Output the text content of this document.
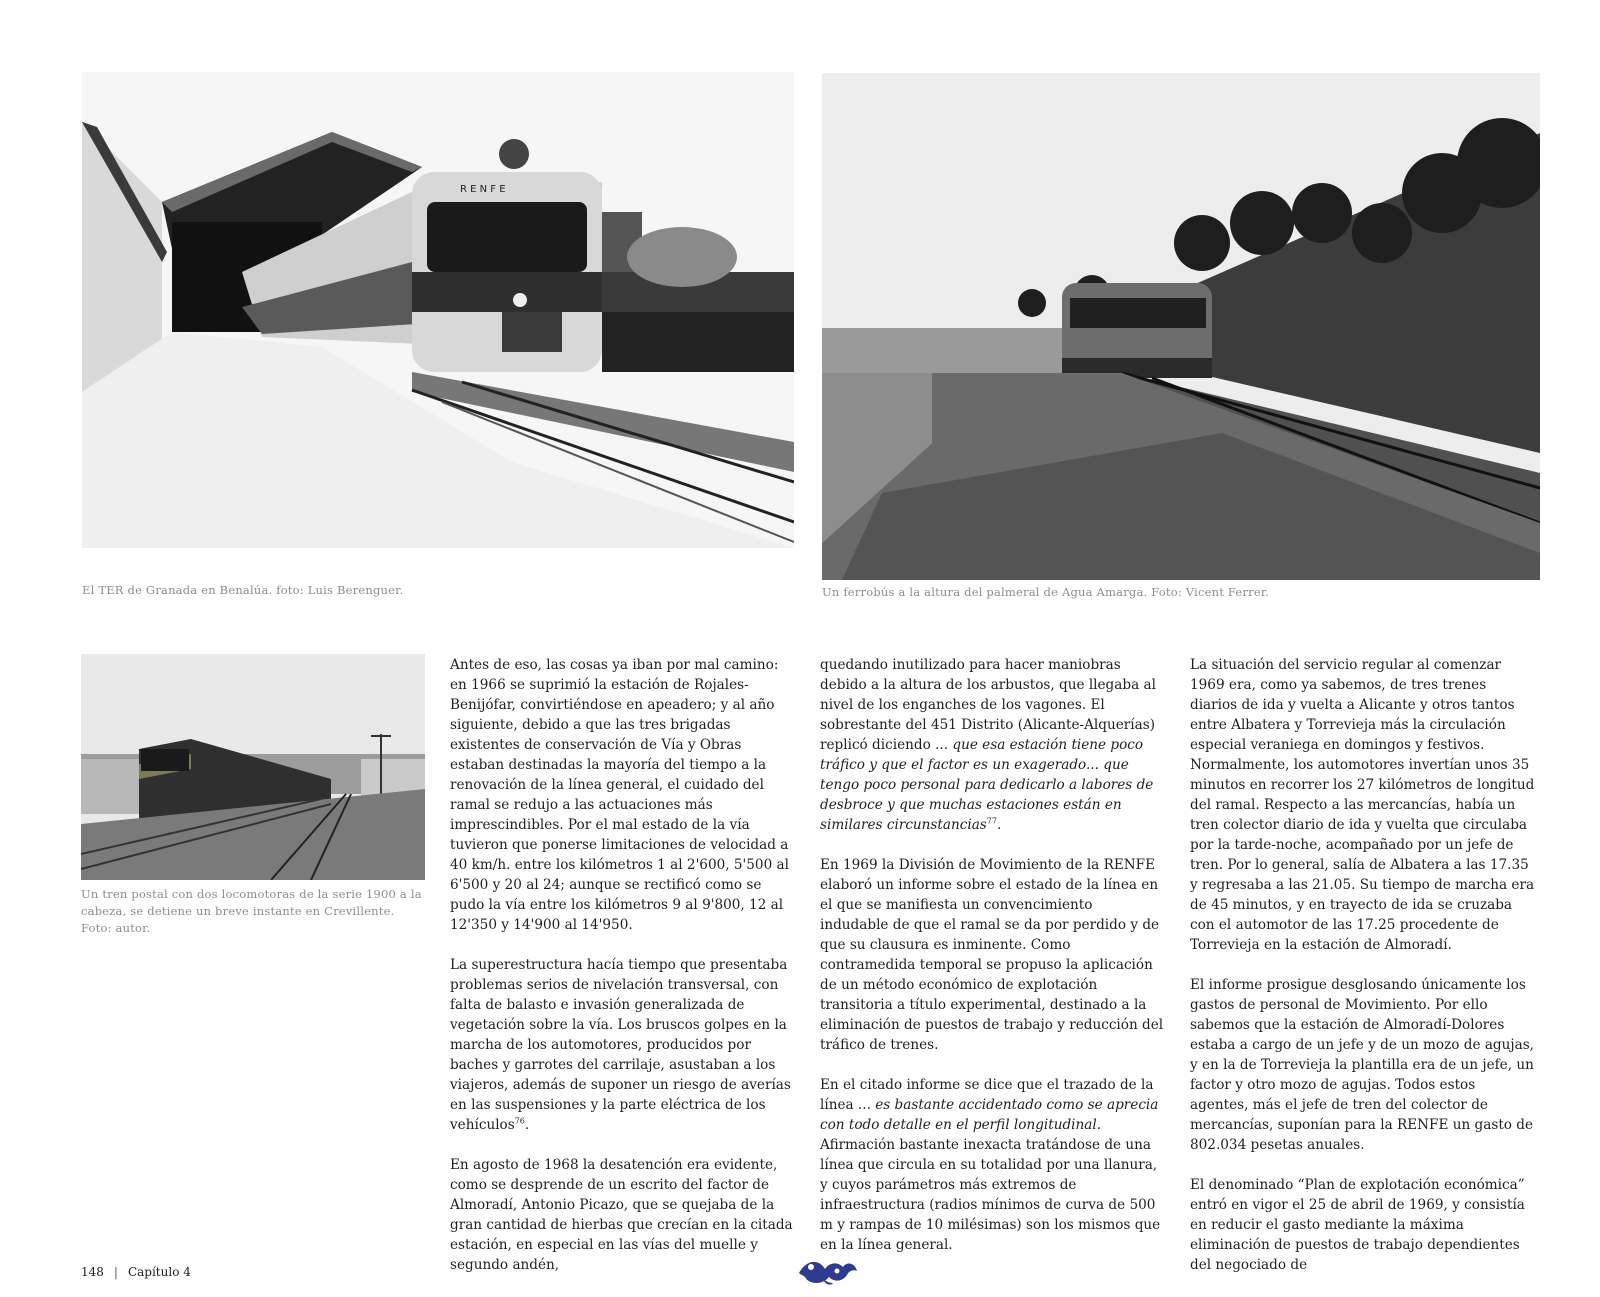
R E N F E

El TER de Granada en Benalúa. foto: Luis Berenguer.	Un ferrobús a la altura del palmeral de Agua Amarga. Foto: Vicent Ferrer.

Un tren postal con dos locomotoras de la serie 1900 a la cabeza, se detiene un breve instante en Crevillente. Foto: autor.

Antes de eso, las cosas ya iban por mal camino: en 1966 se suprimió la estación de Rojales-Benijófar, convirtiéndose en apeadero; y al año siguiente, debido a que las tres brigadas existentes de conservación de Vía y Obras estaban destinadas la mayoría del tiempo a la renovación de la línea general, el cuidado del ramal se redujo a las actuaciones más imprescindibles. Por el mal estado de la vía tuvieron que ponerse limitaciones de velocidad a 40 km/h. entre los kilómetros 1 al 2'600, 5'500 al 6'500 y 20 al 24; aunque se rectificó como se pudo la vía entre los kilómetros 9 al 9'800, 12 al 12'350 y 14'900 al 14'950.

La superestructura hacía tiempo que presentaba problemas serios de nivelación transversal, con falta de balasto e invasión generalizada de vegetación sobre la vía. Los bruscos golpes en la marcha de los automotores, producidos por baches y garrotes del carrilaje, asustaban a los viajeros, además de suponer un riesgo de averías en las suspensiones y la parte eléctrica de los vehículos$^{76}$.

En agosto de 1968 la desatención era evidente, como se desprende de un escrito del factor de Almoradí, Antonio Picazo, que se quejaba de la gran cantidad de hierbas que crecían en la citada estación, en especial en las vías del muelle y segundo andén,

quedando inutilizado para hacer maniobras debido a la altura de los arbustos, que llegaba al nivel de los enganches de los vagones. El sobrestante del 451 Distrito (Alicante-Alquerías) replicó diciendo ... que esa estación tiene poco tráfico y que el factor es un exagerado... que tengo poco personal para dedicarlo a labores de desbroce y que muchas estaciones están en similares circunstancias$^{77}$.

En 1969 la División de Movimiento de la RENFE elaboró un informe sobre el estado de la línea en el que se manifiesta un convencimiento indudable de que el ramal se da por perdido y de que su clausura es inminente. Como contramedida temporal se propuso la aplicación de un método económico de explotación transitoria a título experimental, destinado a la eliminación de puestos de trabajo y reducción del tráfico de trenes.

En el citado informe se dice que el trazado de la línea ... es bastante accidentado como se aprecia con todo detalle en el perfil longitudinal. Afirmación bastante inexacta tratándose de una línea que circula en su totalidad por una llanura, y cuyos parámetros más extremos de infraestructura (radios mínimos de curva de 500 m y rampas de 10 milésimas) son los mismos que en la línea general.

La situación del servicio regular al comenzar 1969 era, como ya sabemos, de tres trenes diarios de ida y vuelta a Alicante y otros tantos entre Albatera y Torrevieja más la circulación especial veraniega en domingos y festivos. Normalmente, los automotores invertían unos 35 minutos en recorrer los 27 kilómetros de longitud del ramal. Respecto a las mercancías, había un tren colector diario de ida y vuelta que circulaba por la tarde-noche, acompañado por un jefe de tren. Por lo general, salía de Albatera a las 17.35 y regresaba a las 21.05. Su tiempo de marcha era de 45 minutos, y en trayecto de ida se cruzaba con el automotor de las 17.25 procedente de Torrevieja en la estación de Almoradí.

El informe prosigue desglosando únicamente los gastos de personal de Movimiento. Por ello sabemos que la estación de Almoradí-Dolores estaba a cargo de un jefe y de un mozo de agujas, y en la de Torrevieja la plantilla era de un jefe, un factor y otro mozo de agujas. Todos estos agentes, más el jefe de tren del colector de mercancías, suponían para la RENFE un gasto de 802.034 pesetas anuales.

El denominado “Plan de explotación económica” entró en vigor el 25 de abril de 1969, y consistía en reducir el gasto mediante la máxima eliminación de puestos de trabajo dependientes del negociado de

148 | Capítulo 4
